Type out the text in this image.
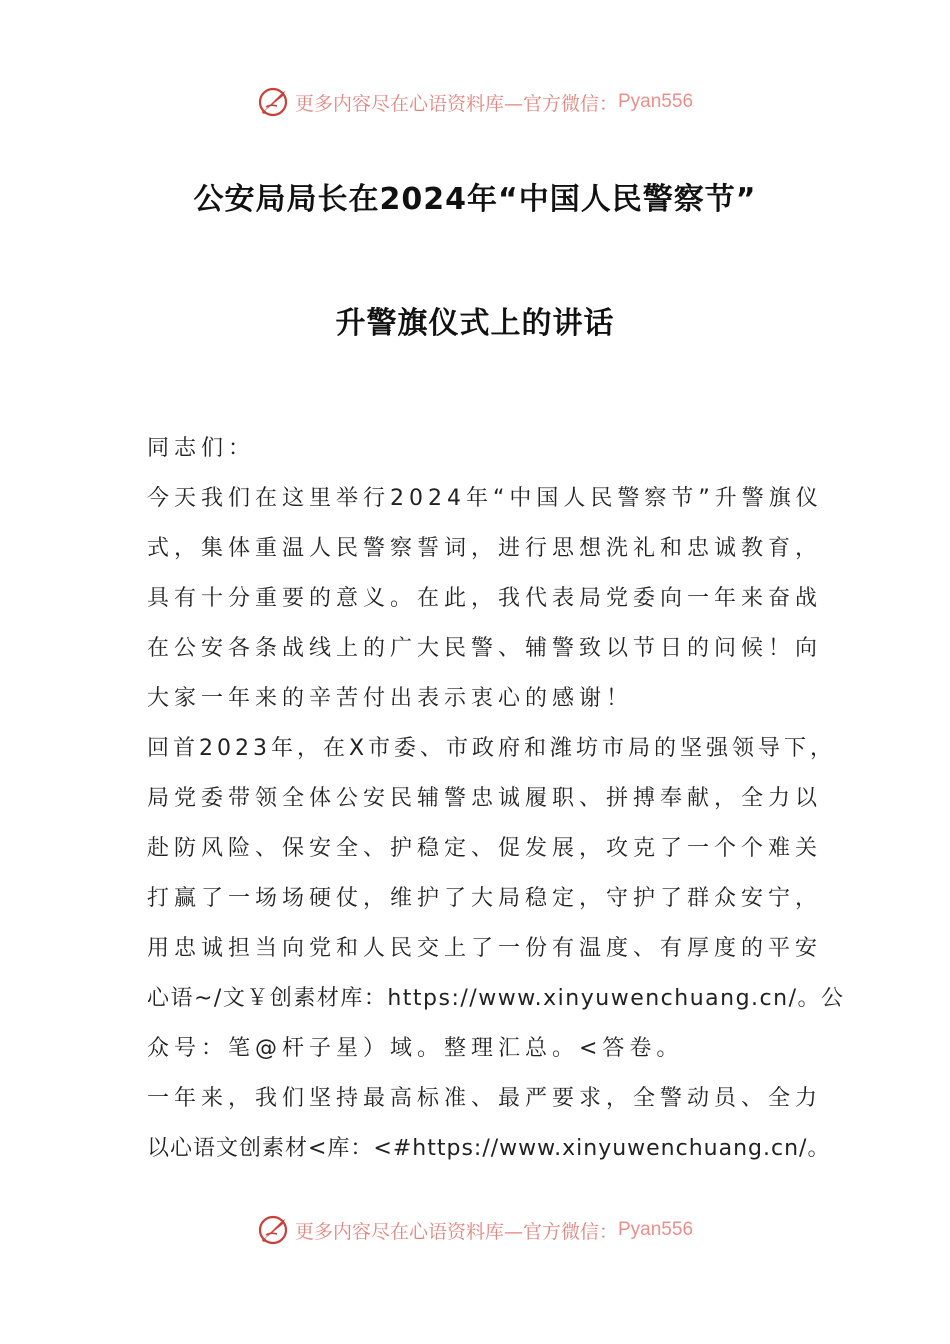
更多内容尽在心语资料库—官方微信： Pyan556
公安局局长在2024年“中国人民警察节”
升警旗仪式上的讲话
同志们：
今天我们在这里举行2024年“中国人民警察节”升警旗仪
式，集体重温人民警察誓词，进行思想洗礼和忠诚教育，
具有十分重要的意义。在此，我代表局党委向一年来奋战
在公安各条战线上的广大民警、辅警致以节日的问候！向
大家一年来的辛苦付出表示衷心的感谢！
回首2023年，在X市委、市政府和潍坊市局的坚强领导下，
局党委带领全体公安民辅警忠诚履职、拼搏奉献，全力以
赴防风险、保安全、护稳定、促发展，攻克了一个个难关
打赢了一场场硬仗，维护了大局稳定，守护了群众安宁，
用忠诚担当向党和人民交上了一份有温度、有厚度的平安
心语~/文￥创素材库：https://www.xinyuwenchuang.cn/。公
众号：笔@杆子星）域。整理汇总。<答卷。
一年来，我们坚持最高标准、最严要求，全警动员、全力
以心语文创素材<库：<#https://www.xinyuwenchuang.cn/。
更多内容尽在心语资料库—官方微信： Pyan556
